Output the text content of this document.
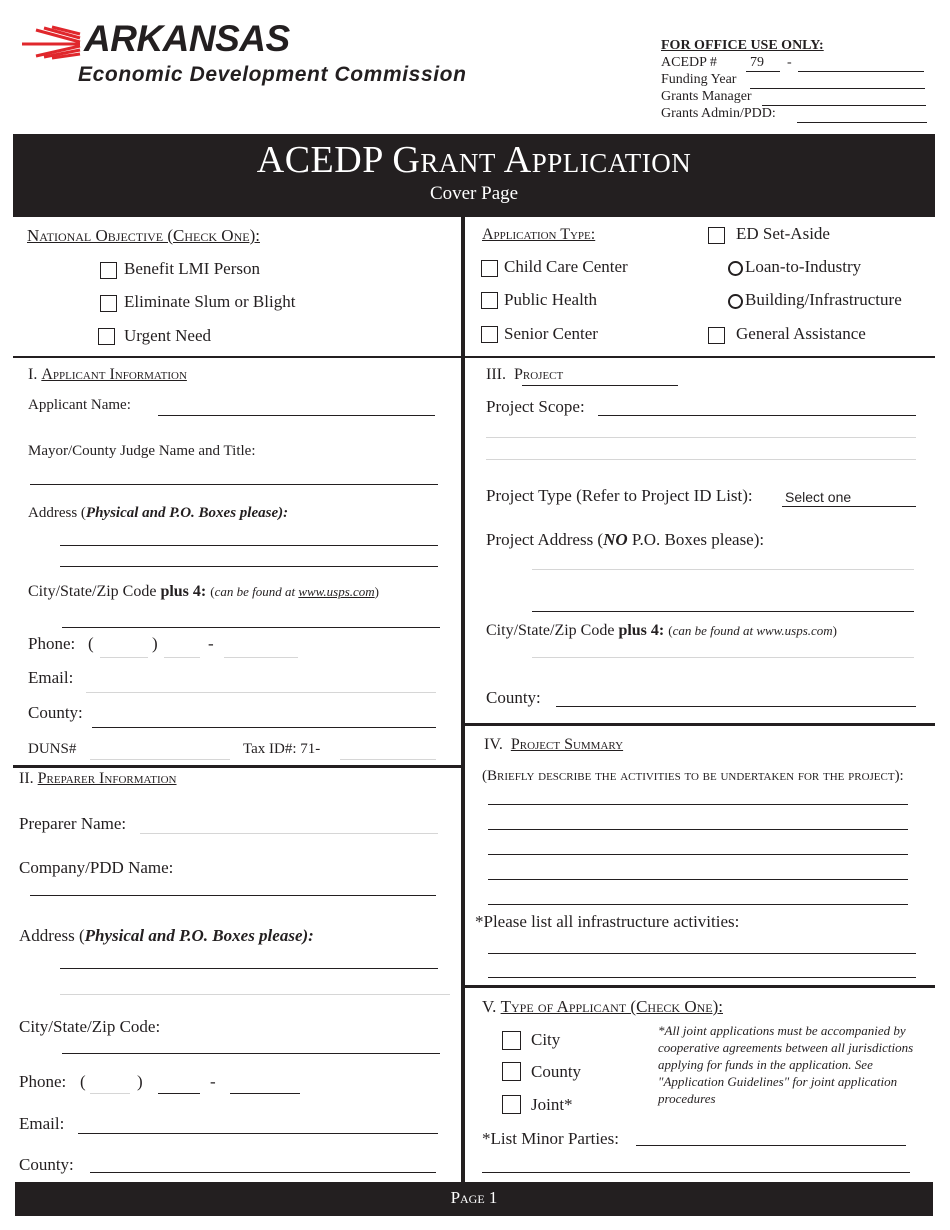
ARKANSAS
Economic Development Commission
FOR OFFICE USE ONLY:
ACEDP # 79 -
Funding Year
Grants Manager
Grants Admin/PDD:
ACEDP Grant Application
Cover Page
National Objective (Check One):
Benefit LMI Person
Eliminate Slum or Blight
Urgent Need
Application Type:
Child Care Center
Public Health
Senior Center
ED Set-Aside
Loan-to-Industry
Building/Infrastructure
General Assistance
I. Applicant Information
Applicant Name:
Mayor/County Judge Name and Title:
Address (Physical and P.O. Boxes please):
City/State/Zip Code plus 4: (can be found at www.usps.com)
Phone: (	)	-
Email:
County:
DUNS#	Tax ID#: 71-
II. Preparer Information
Preparer Name:
Company/PDD Name:
Address (Physical and P.O. Boxes please):
City/State/Zip Code:
Phone: (	)	-
Email:
County:
III. Project
Project Scope:
Project Type (Refer to Project ID List): Select one
Project Address (NO P.O. Boxes please):
City/State/Zip Code plus 4: (can be found at www.usps.com)
County:
IV. Project Summary
(Briefly describe the activities to be undertaken for the project):
*Please list all infrastructure activities:
V. Type of Applicant (Check One):
City
County
Joint*
*All joint applications must be accompanied by cooperative agreements between all jurisdictions applying for funds in the application. See "Application Guidelines" for joint application procedures
*List Minor Parties:
Page 1
